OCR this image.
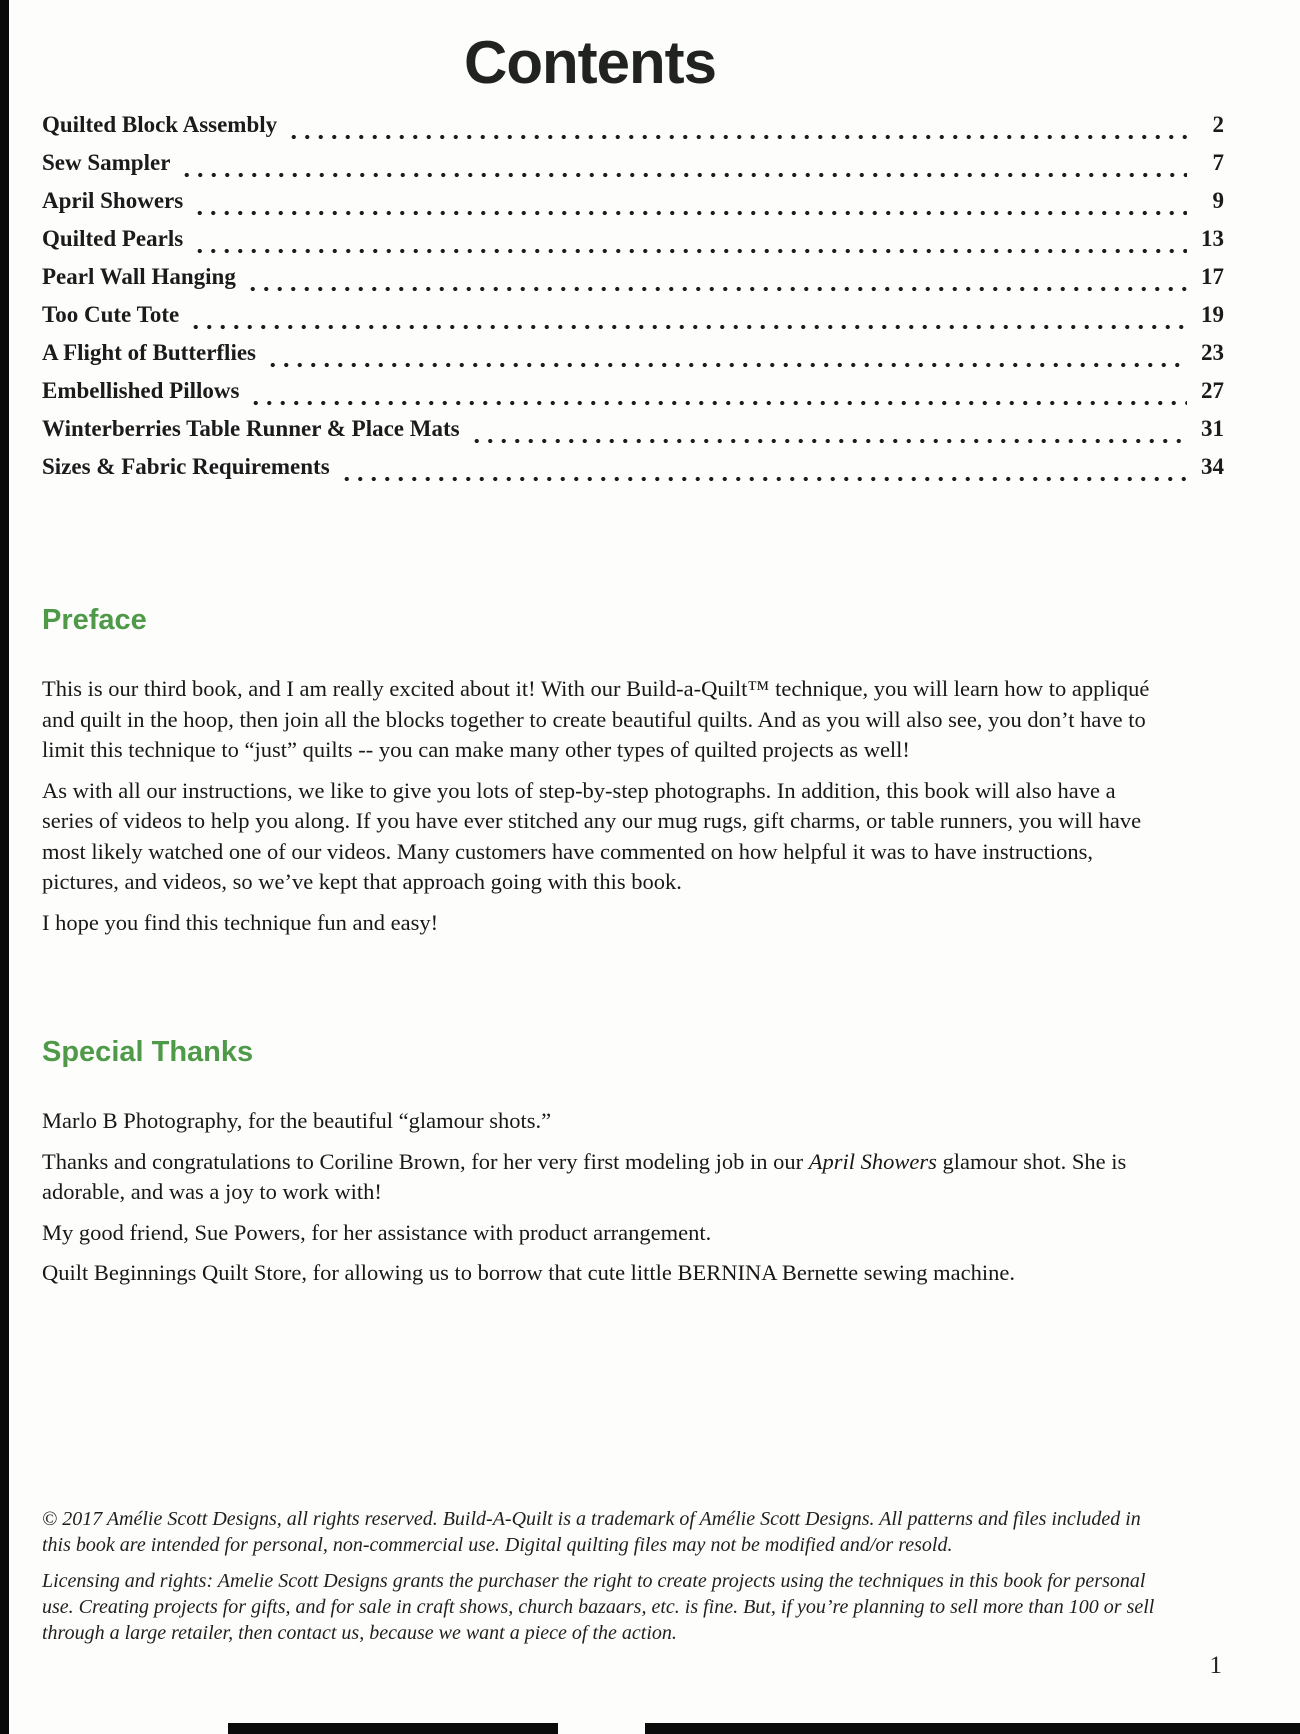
Contents
Quilted Block Assembly	2
Sew Sampler	7
April Showers	9
Quilted Pearls	13
Pearl Wall Hanging	17
Too Cute Tote	19
A Flight of Butterflies	23
Embellished Pillows	27
Winterberries Table Runner & Place Mats	31
Sizes & Fabric Requirements	34
Preface

This is our third book, and I am really excited about it! With our Build-a-Quilt™ technique, you will learn how to appliqué and quilt in the hoop, then join all the blocks together to create beautiful quilts. And as you will also see, you don’t have to limit this technique to “just” quilts -- you can make many other types of quilted projects as well!

As with all our instructions, we like to give you lots of step-by-step photographs. In addition, this book will also have a series of videos to help you along. If you have ever stitched any our mug rugs, gift charms, or table runners, you will have most likely watched one of our videos. Many customers have commented on how helpful it was to have instructions, pictures, and videos, so we’ve kept that approach going with this book.

I hope you find this technique fun and easy!

Special Thanks

Marlo B Photography, for the beautiful “glamour shots.”

Thanks and congratulations to Coriline Brown, for her very first modeling job in our April Showers glamour shot. She is adorable, and was a joy to work with!

My good friend, Sue Powers, for her assistance with product arrangement.

Quilt Beginnings Quilt Store, for allowing us to borrow that cute little BERNINA Bernette sewing machine.

© 2017 Amélie Scott Designs, all rights reserved. Build-A-Quilt is a trademark of Amélie Scott Designs. All patterns and files included in this book are intended for personal, non-commercial use. Digital quilting files may not be modified and/or resold.

Licensing and rights: Amelie Scott Designs grants the purchaser the right to create projects using the techniques in this book for personal use. Creating projects for gifts, and for sale in craft shows, church bazaars, etc. is fine. But, if you’re planning to sell more than 100 or sell through a large retailer, then contact us, because we want a piece of the action.

1
